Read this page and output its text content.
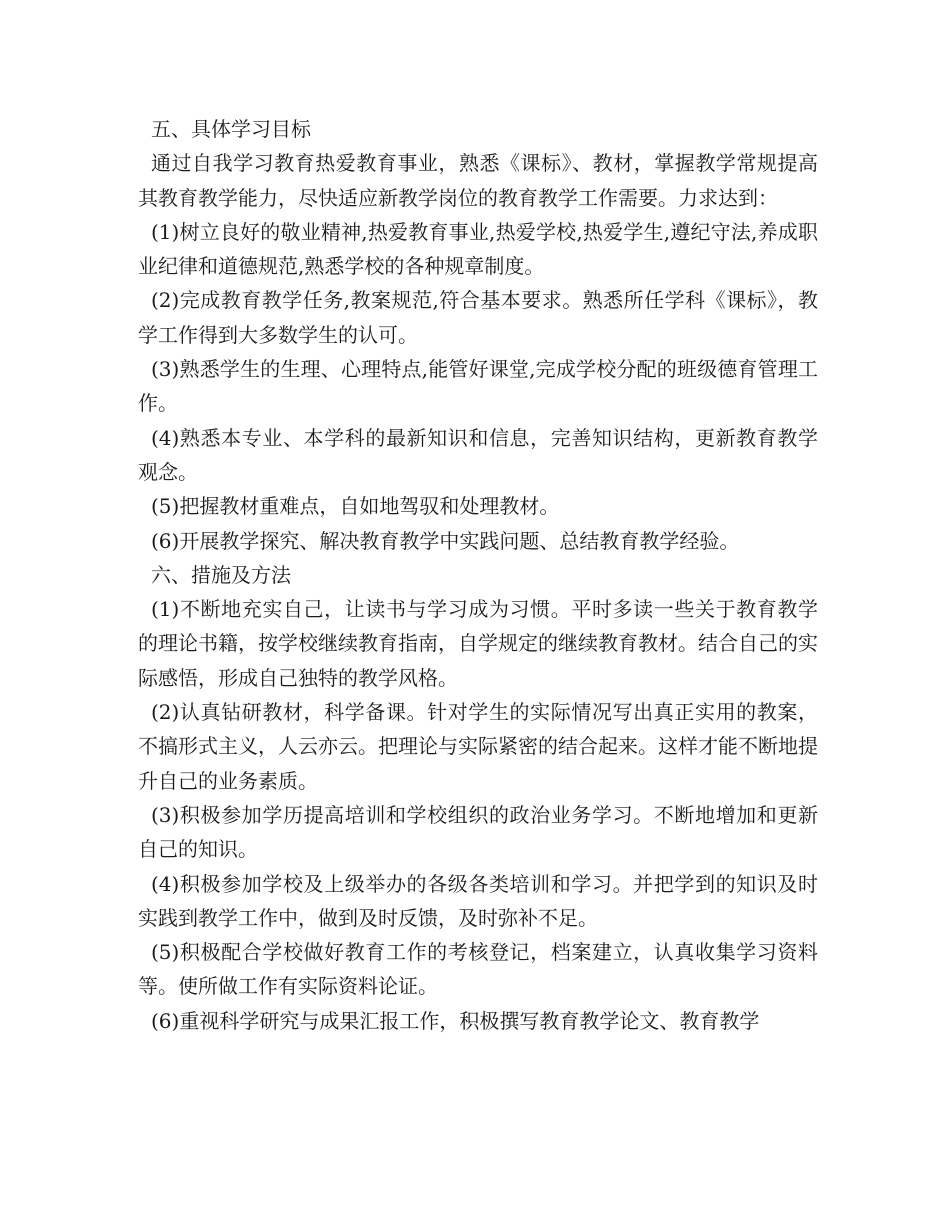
五、具体学习目标

通过自我学习教育热爱教育事业，熟悉《课标》、教材，掌握教学常规提高其教育教学能力，尽快适应新教学岗位的教育教学工作需要。力求达到：

(1)树立良好的敬业精神,热爱教育事业,热爱学校,热爱学生,遵纪守法,养成职业纪律和道德规范,熟悉学校的各种规章制度。

(2)完成教育教学任务,教案规范,符合基本要求。熟悉所任学科《课标》，教学工作得到大多数学生的认可。

(3)熟悉学生的生理、心理特点,能管好课堂,完成学校分配的班级德育管理工作。

(4)熟悉本专业、本学科的最新知识和信息，完善知识结构，更新教育教学观念。

(5)把握教材重难点，自如地驾驭和处理教材。

(6)开展教学探究、解决教育教学中实践问题、总结教育教学经验。

六、措施及方法

(1)不断地充实自己，让读书与学习成为习惯。平时多读一些关于教育教学的理论书籍，按学校继续教育指南，自学规定的继续教育教材。结合自己的实际感悟，形成自己独特的教学风格。

(2)认真钻研教材，科学备课。针对学生的实际情况写出真正实用的教案，不搞形式主义，人云亦云。把理论与实际紧密的结合起来。这样才能不断地提升自己的业务素质。

(3)积极参加学历提高培训和学校组织的政治业务学习。不断地增加和更新自己的知识。

(4)积极参加学校及上级举办的各级各类培训和学习。并把学到的知识及时实践到教学工作中，做到及时反馈，及时弥补不足。

(5)积极配合学校做好教育工作的考核登记，档案建立，认真收集学习资料等。使所做工作有实际资料论证。

(6)重视科学研究与成果汇报工作，积极撰写教育教学论文、教育教学
